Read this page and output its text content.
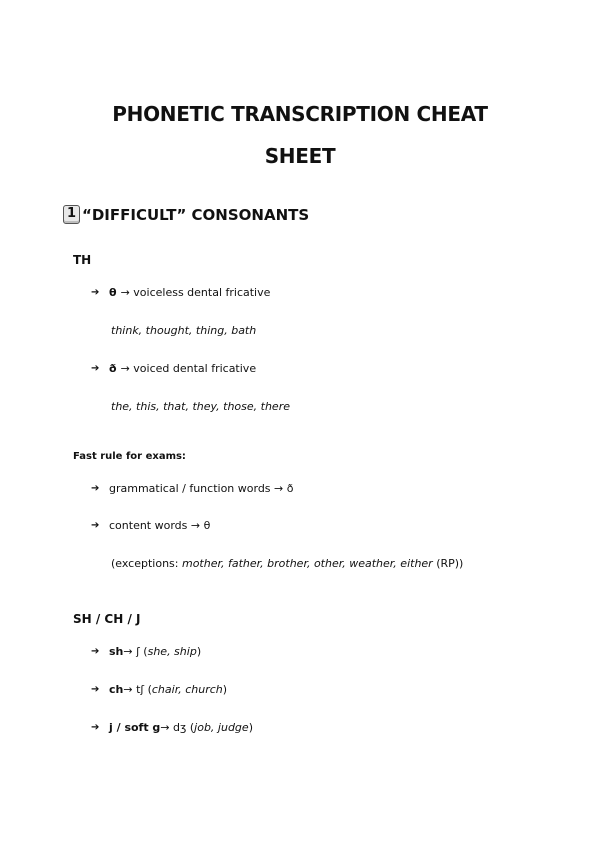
PHONETIC TRANSCRIPTION CHEAT
SHEET
1 “DIFFICULT” CONSONANTS
TH
➔ θ → voiceless dental fricative
think, thought, thing, bath
➔ ð → voiced dental fricative
the, this, that, they, those, there
Fast rule for exams:
➔ grammatical / function words → ð
➔ content words → θ
(exceptions: mother, father, brother, other, weather, either (RP))
SH / CH / J
➔ sh → ʃ ( she, ship )
➔ ch → tʃ ( chair, church )
➔ j / soft g → dʒ ( job, judge )
